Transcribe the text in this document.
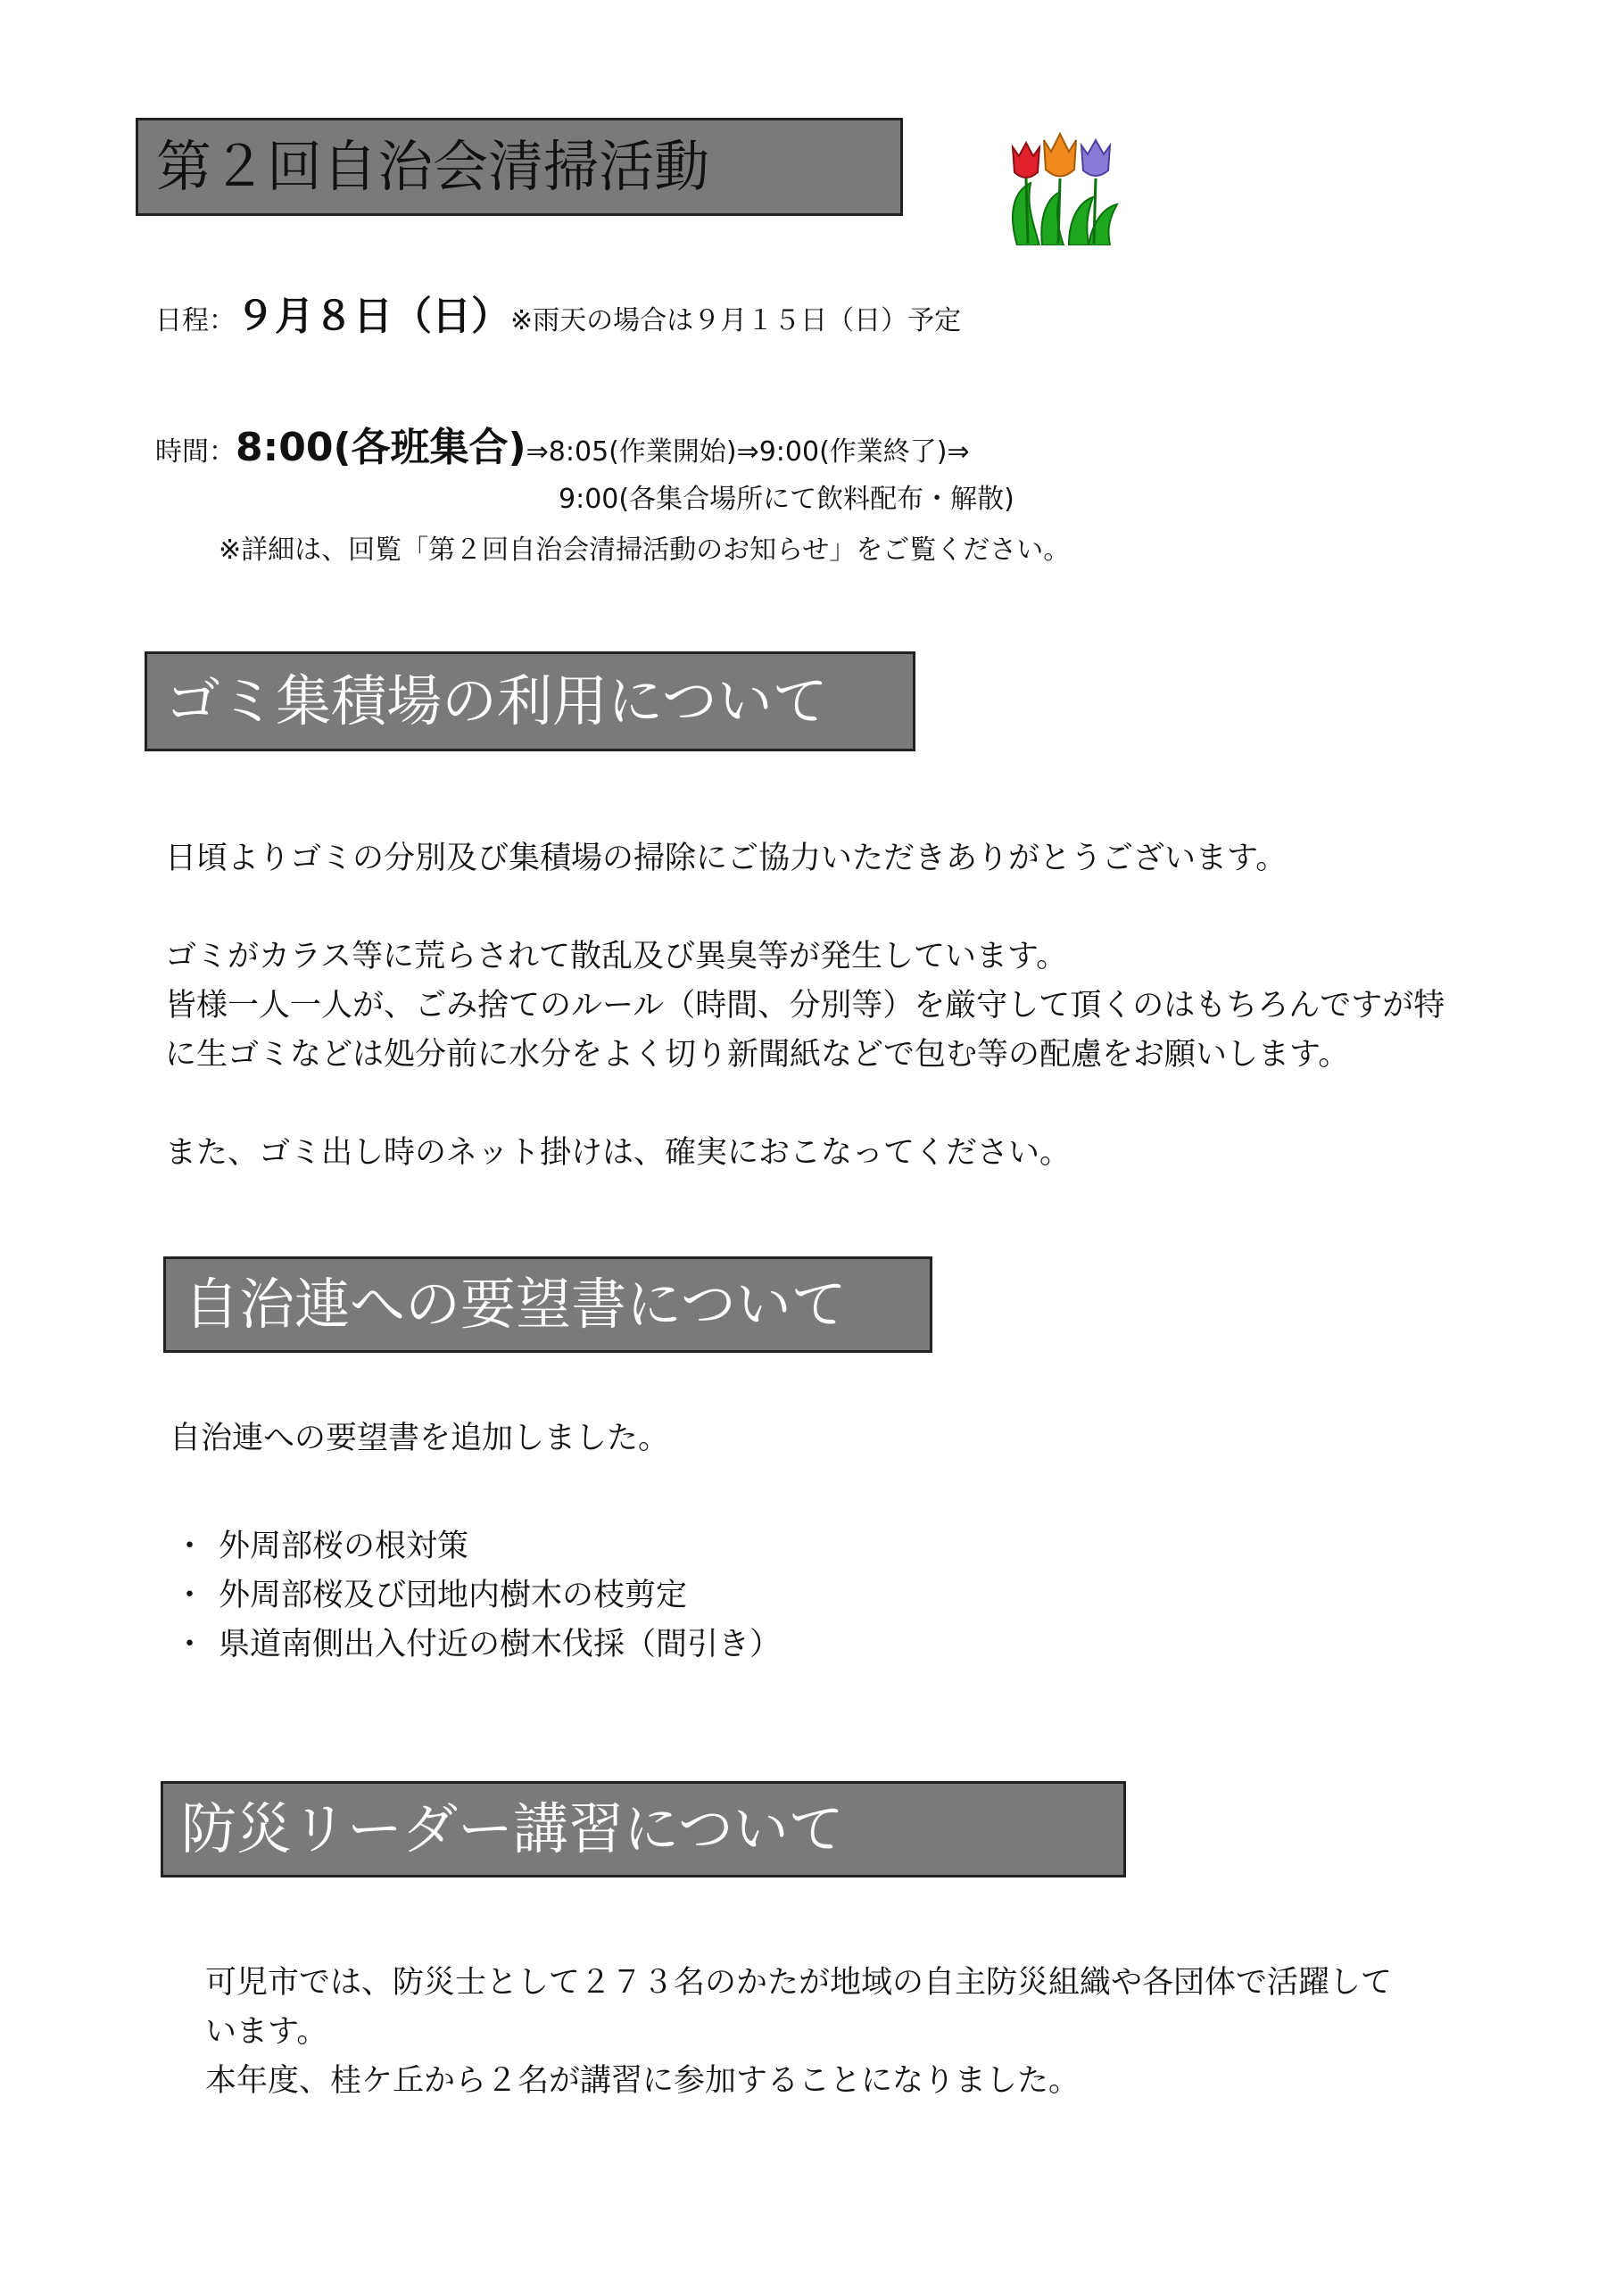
第２回自治会清掃活動
日程：９月８日（日）※雨天の場合は９月１５日（日）予定
時間：8:00(各班集合)⇒8:05(作業開始)⇒9:00(作業終了)⇒
9:00(各集合場所にて飲料配布・解散)
※詳細は、回覧「第２回自治会清掃活動のお知らせ」をご覧ください。
ゴミ集積場の利用について
日頃よりゴミの分別及び集積場の掃除にご協力いただきありがとうございます。
ゴミがカラス等に荒らされて散乱及び異臭等が発生しています。
皆様一人一人が、ごみ捨てのルール（時間、分別等）を厳守して頂くのはもちろんですが特
に生ゴミなどは処分前に水分をよく切り新聞紙などで包む等の配慮をお願いします。
また、ゴミ出し時のネット掛けは、確実におこなってください。
自治連への要望書について
自治連への要望書を追加しました。
・ 外周部桜の根対策
・ 外周部桜及び団地内樹木の枝剪定
・ 県道南側出入付近の樹木伐採（間引き）
防災リーダー講習について
可児市では、防災士として２７３名のかたが地域の自主防災組織や各団体で活躍して
います。
本年度、桂ケ丘から２名が講習に参加することになりました。
